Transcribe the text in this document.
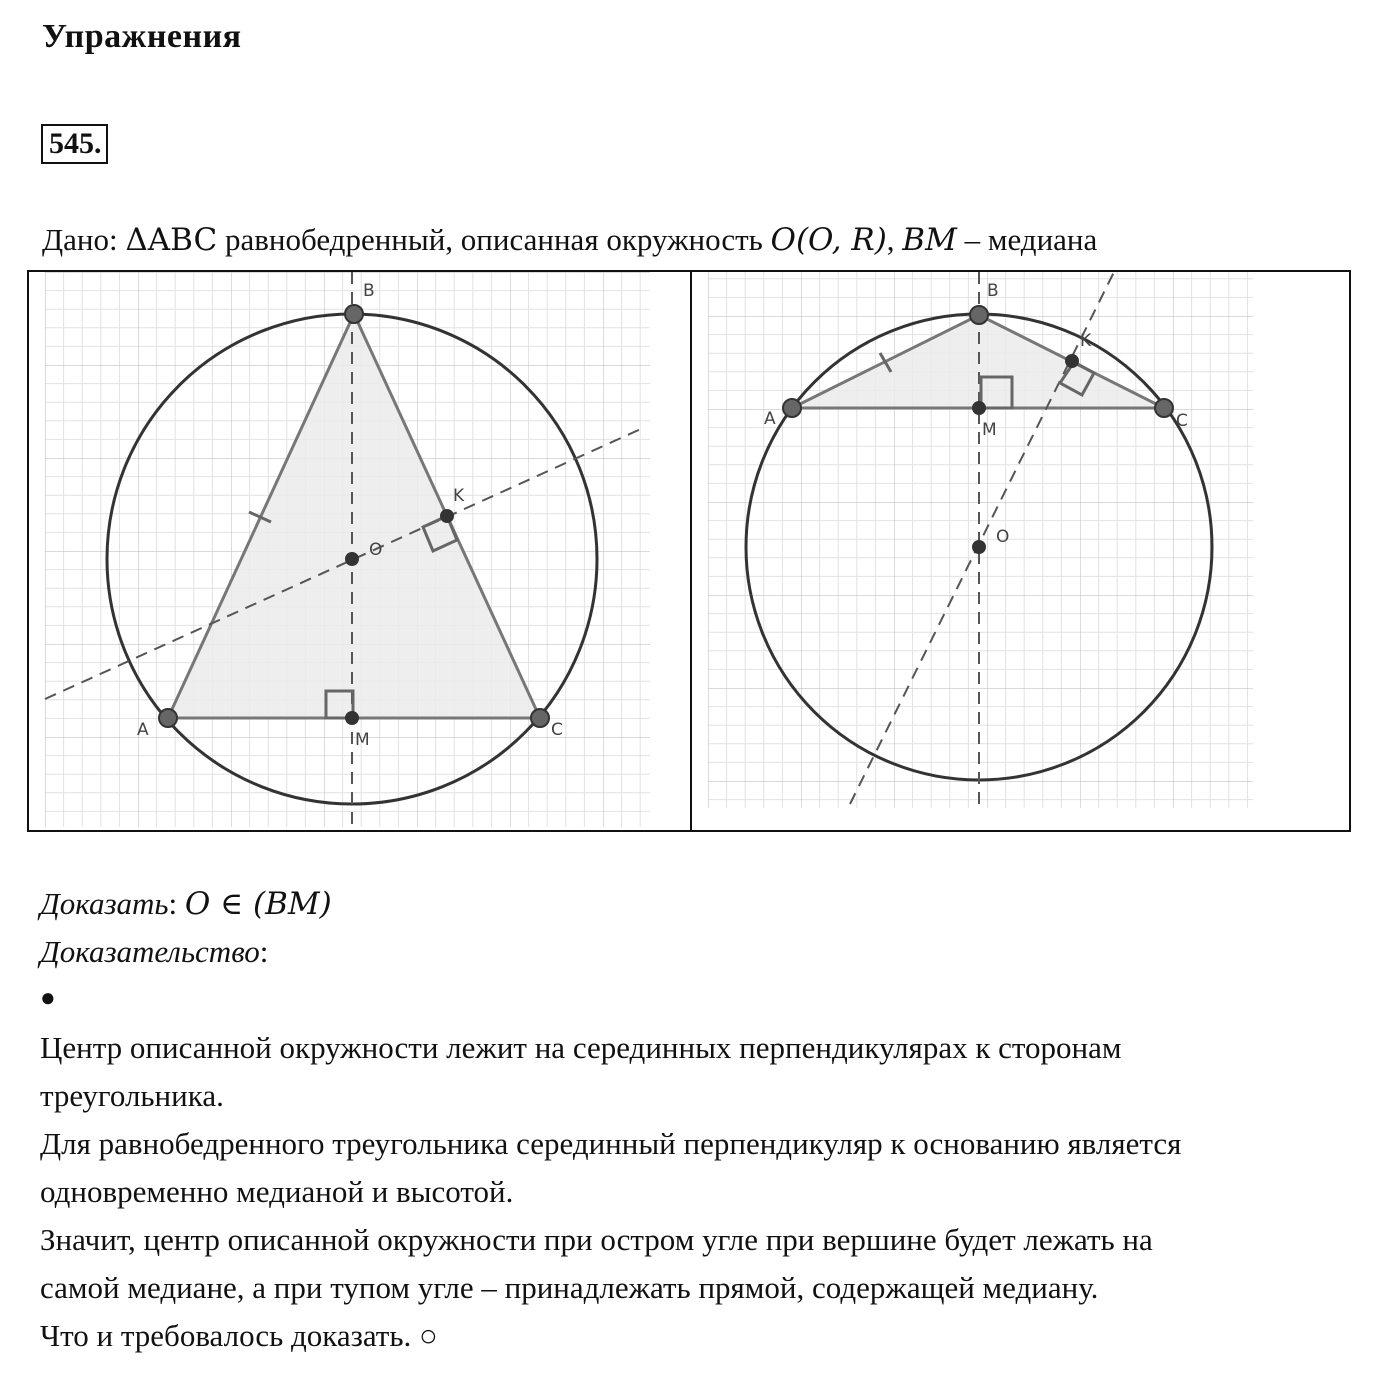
Упражнения
545.
Дано: ΔABC равнобедренный, описанная окружность O(O, R), BM – медиана
A
B
C
M
O
K
A
B
C
M
O
K
Доказать: O ∈ (BM)
Доказательство:
●
Центр описанной окружности лежит на серединных перпендикулярах к сторонам
треугольника.
Для равнобедренного треугольника серединный перпендикуляр к основанию является
одновременно медианой и высотой.
Значит, центр описанной окружности при остром угле при вершине будет лежать на
самой медиане, а при тупом угле – принадлежать прямой, содержащей медиану.
Что и требовалось доказать. ○
